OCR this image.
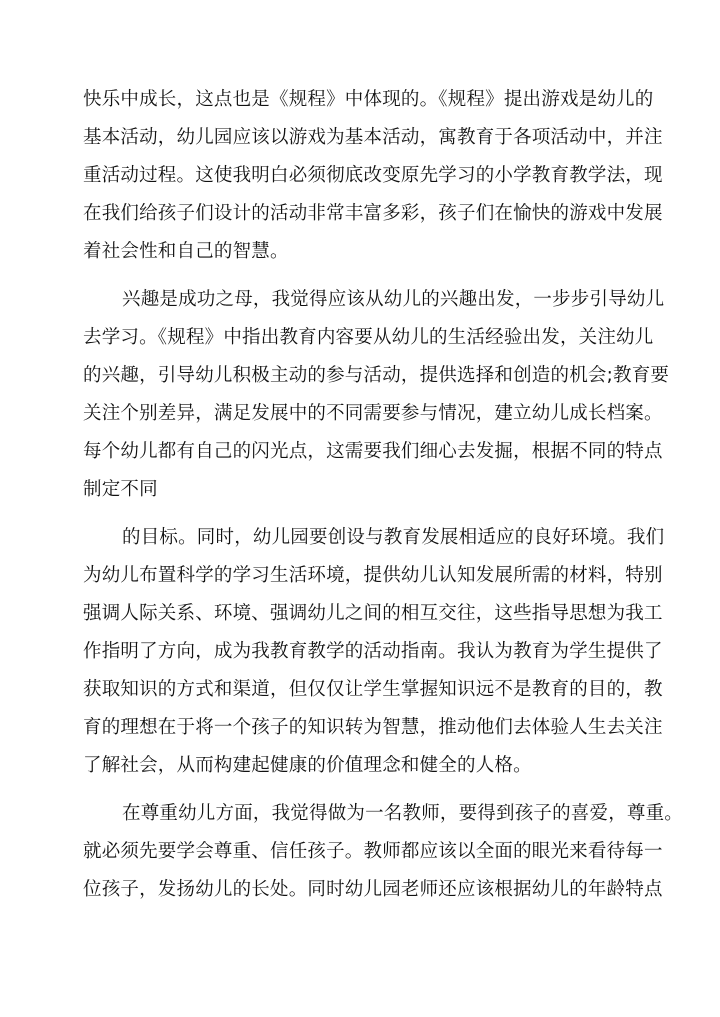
快乐中成长，这点也是《规程》中体现的。《规程》提出游戏是幼儿的
基本活动，幼儿园应该以游戏为基本活动，寓教育于各项活动中，并注
重活动过程。这使我明白必须彻底改变原先学习的小学教育教学法，现
在我们给孩子们设计的活动非常丰富多彩，孩子们在愉快的游戏中发展
着社会性和自己的智慧。
兴趣是成功之母，我觉得应该从幼儿的兴趣出发，一步步引导幼儿
去学习。《规程》中指出教育内容要从幼儿的生活经验出发，关注幼儿
的兴趣，引导幼儿积极主动的参与活动，提供选择和创造的机会;教育要
关注个别差异，满足发展中的不同需要参与情况，建立幼儿成长档案。
每个幼儿都有自己的闪光点，这需要我们细心去发掘，根据不同的特点
制定不同
的目标。同时，幼儿园要创设与教育发展相适应的良好环境。我们
为幼儿布置科学的学习生活环境，提供幼儿认知发展所需的材料，特别
强调人际关系、环境、强调幼儿之间的相互交往，这些指导思想为我工
作指明了方向，成为我教育教学的活动指南。我认为教育为学生提供了
获取知识的方式和渠道，但仅仅让学生掌握知识远不是教育的目的，教
育的理想在于将一个孩子的知识转为智慧，推动他们去体验人生去关注
了解社会，从而构建起健康的价值理念和健全的人格。
在尊重幼儿方面，我觉得做为一名教师，要得到孩子的喜爱，尊重。
就必须先要学会尊重、信任孩子。教师都应该以全面的眼光来看待每一
位孩子，发扬幼儿的长处。同时幼儿园老师还应该根据幼儿的年龄特点
